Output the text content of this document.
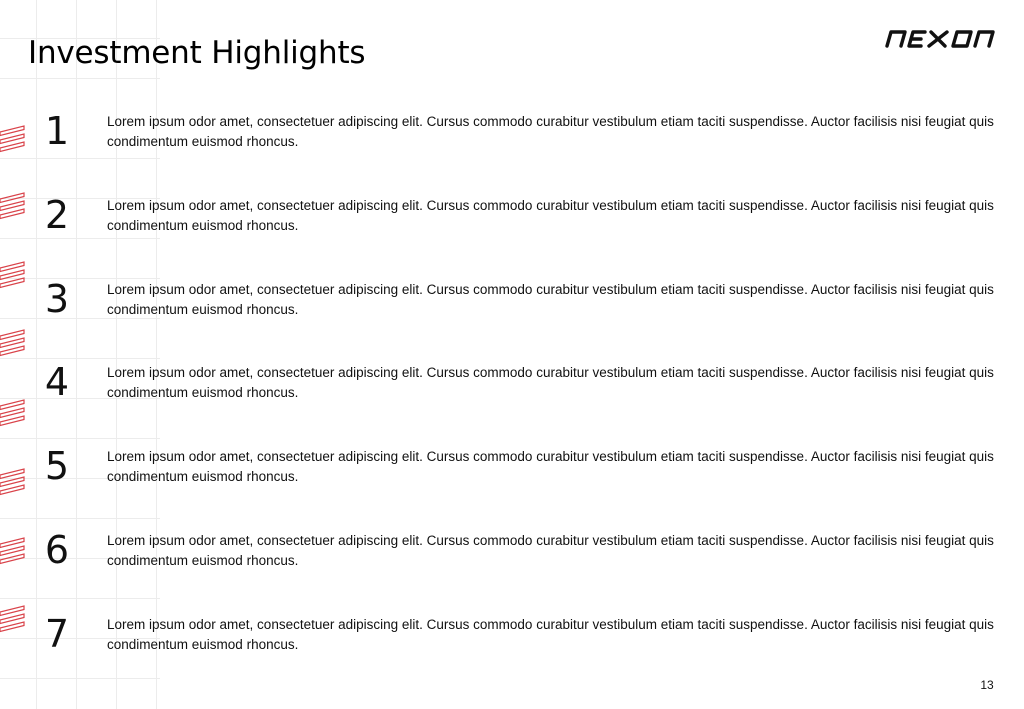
Investment Highlights
1	Lorem ipsum odor amet, consectetuer adipiscing elit. Cursus commodo curabitur vestibulum etiam taciti suspendisse. Auctor facilisis nisi feugiat quis condimentum euismod rhoncus.

2	Lorem ipsum odor amet, consectetuer adipiscing elit. Cursus commodo curabitur vestibulum etiam taciti suspendisse. Auctor facilisis nisi feugiat quis condimentum euismod rhoncus.

3	Lorem ipsum odor amet, consectetuer adipiscing elit. Cursus commodo curabitur vestibulum etiam taciti suspendisse. Auctor facilisis nisi feugiat quis condimentum euismod rhoncus.

4	Lorem ipsum odor amet, consectetuer adipiscing elit. Cursus commodo curabitur vestibulum etiam taciti suspendisse. Auctor facilisis nisi feugiat quis condimentum euismod rhoncus.

5	Lorem ipsum odor amet, consectetuer adipiscing elit. Cursus commodo curabitur vestibulum etiam taciti suspendisse. Auctor facilisis nisi feugiat quis condimentum euismod rhoncus.

6	Lorem ipsum odor amet, consectetuer adipiscing elit. Cursus commodo curabitur vestibulum etiam taciti suspendisse. Auctor facilisis nisi feugiat quis condimentum euismod rhoncus.

7	Lorem ipsum odor amet, consectetuer adipiscing elit. Cursus commodo curabitur vestibulum etiam taciti suspendisse. Auctor facilisis nisi feugiat quis condimentum euismod rhoncus.

13
